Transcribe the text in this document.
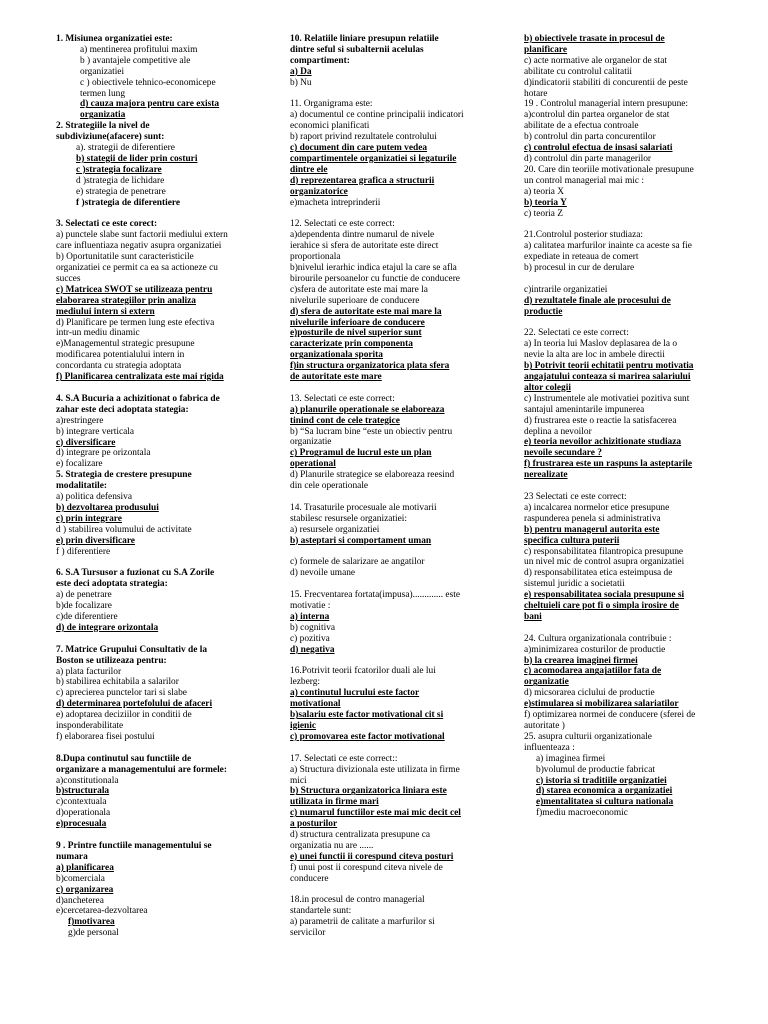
1. Misiunea organizatiei este:

a) mentinerea profitului maxim

b ) avantajele competitive ale

organizatiei

c ) obiectivele tehnico-economicepe

termen lung

d) cauza majora pentru care exista

organizatia

2. Strategiile la nivel de

subdiviziune(afacere) sunt:

a). strategii de diferentiere

b) stategii de lider prin costuri

c )strategia focalizare

d )strategia de lichidare

e) strategia de penetrare

f )strategia de diferentiere

3. Selectati ce este corect:

a) punctele slabe sunt factorii mediului extern

care influentiaza negativ asupra organizatiei

b) Oportunitatile sunt caracteristicile

organizatiei ce permit ca ea sa actioneze cu

succes

c) Matricea SWOT se utilizeaza pentru

elaborarea strategiilor prin analiza

mediului intern si extern

d) Planificare pe termen lung este efectiva

intr-un mediu dinamic

e)Managementul strategic presupune

modificarea potentialului intern in

concordanta cu strategia adoptata

f) Planificarea centralizata este mai rigida

4. S.A Bucuria a achizitionat o fabrica de

zahar este deci adoptata stategia:

a)restringere

b) integrare verticala

c) diversificare

d) integrare pe orizontala

e) focalizare

5. Strategia de crestere presupune

modalitatile:

a) politica defensiva

b) dezvoltarea produsului

c) prin integrare

d ) stabilirea volumului de activitate

e) prin diversificare

f ) diferentiere

6. S.A Tursusor a fuzionat cu S.A Zorile

este deci adoptata strategia:

a) de penetrare

b)de focalizare

c)de diferentiere

d) de integrare orizontala

7. Matrice Grupului Consultativ de la

Boston se utilizeaza pentru:

a) plata facturilor

b) stabilirea echitabila a salarilor

c) aprecierea punctelor tari si slabe

d) determinarea portefolului de afaceri

e) adoptarea deciziilor in conditii de

insponderabilitate

f) elaborarea fisei postului

8.Dupa continutul sau functiile de

organizare a managementului are formele:

a)constitutionala

b)structurala

c)contextuala

d)operationala

e)procesuala

9 . Printre functiile managementului se

numara

a) planificarea

b)comerciala

c) organizarea

d)ancheterea

e)cercetarea-dezvoltarea

f)motivarea

g)de personal

10. Relatiile liniare presupun relatiile

dintre seful si subalternii acelulas

compartiment:

a) Da

b) Nu

11. Organigrama este:

a) documentul ce contine principalii indicatori

economici planificati

b) raport privind rezultatele controlului

c) document din care putem vedea

compartimentele organizatiei si legaturile

dintre ele

d) reprezentarea grafica a structurii

organizatorice

e)macheta intreprinderii

12. Selectati ce este correct:

a)dependenta dintre numarul de nivele

ierahice si sfera de autoritate este direct

proportionala

b)nivelul ierarhic indica etajul la care se afla

birourile persoanelor cu functie de conducere

c)sfera de autoritate este mai mare la

nivelurile superioare de conducere

d) sfera de autoritate este mai mare la

nivelurile inferioare de conducere

e)posturile de nivel superior sunt

caracterizate prin componenta

organizationala sporita

f)in structura organizatorica plata sfera

de autoritate este mare

13. Selectati ce este correct:

a) planurile operationale se elaboreaza

tinind cont de cele trategice

b) “Sa lucram bine “este un obiectiv pentru

organizatie

c) Programul de lucrul este un plan

operational

d) Planurile strategice se elaboreaza reesind

din cele operationale

14. Trasaturile procesuale ale motivarii

stabilesc resursele organizatiei:

a) resursele organizatiei

b) asteptari si comportament uman

c) formele de salarizare ae angatilor

d) nevoile umane

15. Frecventarea fortata(impusa)............. este

motivatie :

a) interna

b) cognitiva

c) pozitiva

d) negativa

16.Potrivit teorii fcatorilor duali ale lui

lezberg:

a) continutul lucrului este factor

motivational

b)salariu este factor motivational cit si

igienic

c) promovarea este factor motivational

17. Selectati ce este correct::

a) Structura divizionala este utilizata in firme

mici

b) Structura organizatorica liniara este

utilizata in firme mari

c) numarul functiilor este mai mic decit cel

a posturilor

d) structura centralizata presupune ca

organizatia nu are ......

e) unei functii ii corespund citeva posturi

f) unui post ii corespund citeva nivele de

conducere

18.in procesul de contro managerial

standartele sunt:

a) parametrii de calitate a marfurilor si

servicilor

b) obiectivele trasate in procesul de

planificare

c) acte normative ale organelor de stat

abilitate cu controlul calitatii

d)indicatorii stabiliti di concurentii de peste

hotare

19 . Controlul managerial intern presupune:

a)controlul din partea organelor de stat

abilitate de a efectua controale

b) controlul din parta concurentilor

c) controlul efectua de insasi salariati

d) controlul din parte managerilor

20. Care din teoriile motivationale presupune

un control managerial mai mic :

a) teoria X

b) teoria Y

c) teoria Z

21.Controlul posterior studiaza:

a) calitatea marfurilor inainte ca aceste sa fie

expediate in reteaua de comert

b) procesul in cur de derulare

c)intrarile organizatiei

d) rezultatele finale ale procesului de

productie

22. Selectati ce este correct:

a) In teoria lui Maslov deplasarea de la o

nevie la alta are loc in ambele directii

b) Potrivit teorii echitatii pentru motivatia

angajatului conteaza si marirea salariului

altor colegii

c) Instrumentele ale motivatiei pozitiva sunt

santajul amenintarile impunerea

d) frustrarea este o reactie la satisfacerea

deplina a nevoilor

e) teoria nevoilor achizitionate studiaza

nevoile secundare ?

f) frustrarea este un raspuns la asteptarile

nerealizate

23 Selectati ce este correct:

a) incalcarea normelor etice presupune

raspunderea penela si administrativa

b) pentru managerul autorita este

specifica cultura puterii

c) responsabilitatea filantropica presupune

un nivel mic de control asupra organizatiei

d) responsabilitatea etica esteimpusa de

sistemul juridic a societatii

e) responsabilitatea sociala presupune si

cheltuieli care pot fi o simpla irosire de

bani

24. Cultura organizationala contribuie :

a)minimizarea costurilor de productie

b) la crearea imaginei firmei

c) acomodarea angajatiilor fata de

organizatie

d) micsorarea ciclului de productie

e)stimularea si mobilizarea salariatilor

f) optimizarea normei de conducere (sferei de

autoritate )

25. asupra culturii organizationale

influenteaza :

a) imaginea firmei

b)volumul de productie fabricat

c) istoria si traditiile organizatiei

d) starea economica a organizatiei

e)mentalitatea si cultura nationala

f)mediu macroeconomic
